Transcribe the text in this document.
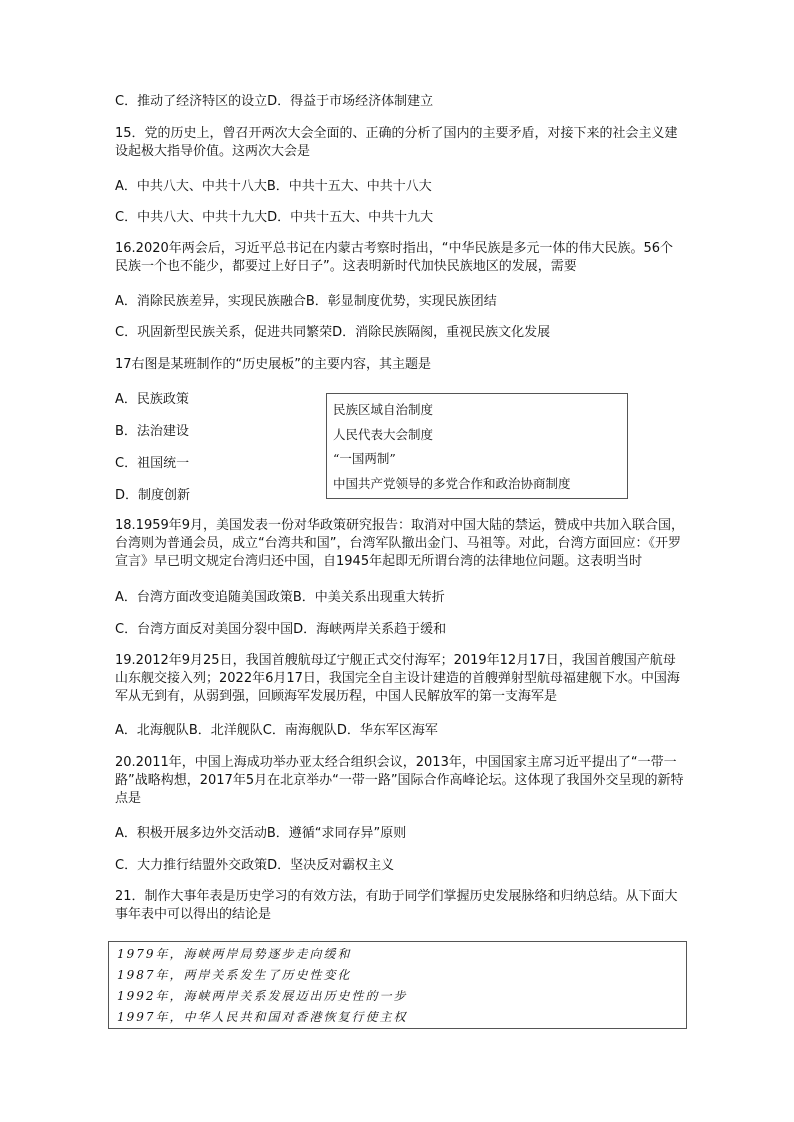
C．推动了经济特区的设立D．得益于市场经济体制建立
15．党的历史上，曾召开两次大会全面的、正确的分析了国内的主要矛盾，对接下来的社会主义建设起极大指导价值。这两次大会是
A．中共八大、中共十八大B．中共十五大、中共十八大
C．中共八大、中共十九大D．中共十五大、中共十九大
16.2020年两会后，习近平总书记在内蒙古考察时指出，“中华民族是多元一体的伟大民族。56个民族一个也不能少，都要过上好日子”。这表明新时代加快民族地区的发展，需要
A．消除民族差异，实现民族融合B．彰显制度优势，实现民族团结
C．巩固新型民族关系，促进共同繁荣D．消除民族隔阂，重视民族文化发展
17右图是某班制作的“历史展板”的主要内容，其主题是
A．民族政策
B．法治建设
C．祖国统一
D．制度创新
民族区域自治制度
人民代表大会制度
“一国两制”
中国共产党领导的多党合作和政治协商制度
18.1959年9月，美国发表一份对华政策研究报告：取消对中国大陆的禁运，赞成中共加入联合国，台湾则为普通会员，成立“台湾共和国”，台湾军队撤出金门、马祖等。对此，台湾方面回应：《开罗宣言》早已明文规定台湾归还中国，自1945年起即无所谓台湾的法律地位问题。这表明当时
A．台湾方面改变追随美国政策B．中美关系出现重大转折
C．台湾方面反对美国分裂中国D．海峡两岸关系趋于缓和
19.2012年9月25日，我国首艘航母辽宁舰正式交付海军；2019年12月17日，我国首艘国产航母山东舰交接入列；2022年6月17日，我国完全自主设计建造的首艘弹射型航母福建舰下水。中国海军从无到有，从弱到强，回顾海军发展历程，中国人民解放军的第一支海军是
A．北海舰队B．北洋舰队C．南海舰队D．华东军区海军
20.2011年，中国上海成功举办亚太经合组织会议，2013年，中国国家主席习近平提出了“一带一路”战略构想，2017年5月在北京举办“一带一路”国际合作高峰论坛。这体现了我国外交呈现的新特点是
A．积极开展多边外交活动B．遵循“求同存异”原则
C．大力推行结盟外交政策D．坚决反对霸权主义
21．制作大事年表是历史学习的有效方法，有助于同学们掌握历史发展脉络和归纳总结。从下面大事年表中可以得出的结论是
1979年，海峡两岸局势逐步走向缓和
1987年，两岸关系发生了历史性变化
1992年，海峡两岸关系发展迈出历史性的一步
1997年，中华人民共和国对香港恢复行使主权
